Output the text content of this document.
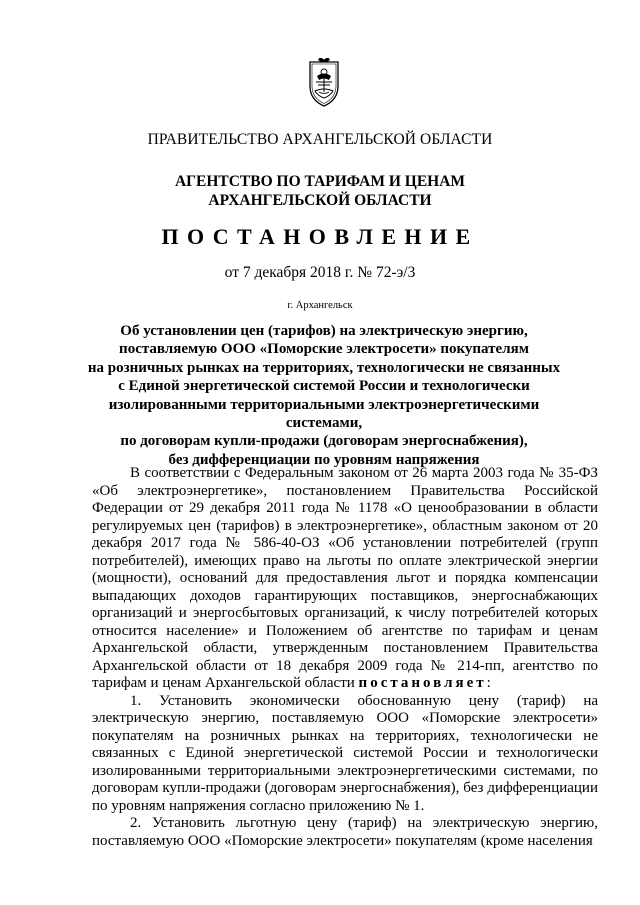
ПРАВИТЕЛЬСТВО АРХАНГЕЛЬСКОЙ ОБЛАСТИ
АГЕНТСТВО ПО ТАРИФАМ И ЦЕНАМ
АРХАНГЕЛЬСКОЙ ОБЛАСТИ
ПОСТАНОВЛЕНИЕ
от 7 декабря 2018 г. № 72-э/3
г. Архангельск
Об установлении цен (тарифов) на электрическую энергию,
поставляемую ООО «Поморские электросети» покупателям
на розничных рынках на территориях, технологически не связанных
с Единой энергетической системой России и технологически
изолированными территориальными электроэнергетическими системами,
по договорам купли-продажи (договорам энергоснабжения),
без дифференциации по уровням напряжения

В соответствии с Федеральным законом от 26 марта 2003 года № 35-ФЗ «Об электроэнергетике», постановлением Правительства Российской Федерации от 29 декабря 2011 года № 1178 «О ценообразовании в области регулируемых цен (тарифов) в электроэнергетике», областным законом от 20 декабря 2017 года № 586-40-ОЗ «Об установлении потребителей (групп потребителей), имеющих право на льготы по оплате электрической энергии (мощности), оснований для предоставления льгот и порядка компенсации выпадающих доходов гарантирующих поставщиков, энергоснабжающих организаций и энергосбытовых организаций, к числу потребителей которых относится население» и Положением об агентстве по тарифам и ценам Архангельской области, утвержденным постановлением Правительства Архангельской области от 18 декабря 2009 года № 214-пп, агентство по тарифам и ценам Архангельской области постановляет:

1. Установить экономически обоснованную цену (тариф) на электрическую энергию, поставляемую ООО «Поморские электросети» покупателям на розничных рынках на территориях, технологически не связанных с Единой энергетической системой России и технологически изолированными территориальными электроэнергетическими системами, по договорам купли-продажи (договорам энергоснабжения), без дифференциации по уровням напряжения согласно приложению № 1.

2. Установить льготную цену (тариф) на электрическую энергию, поставляемую ООО «Поморские электросети» покупателям (кроме населения
